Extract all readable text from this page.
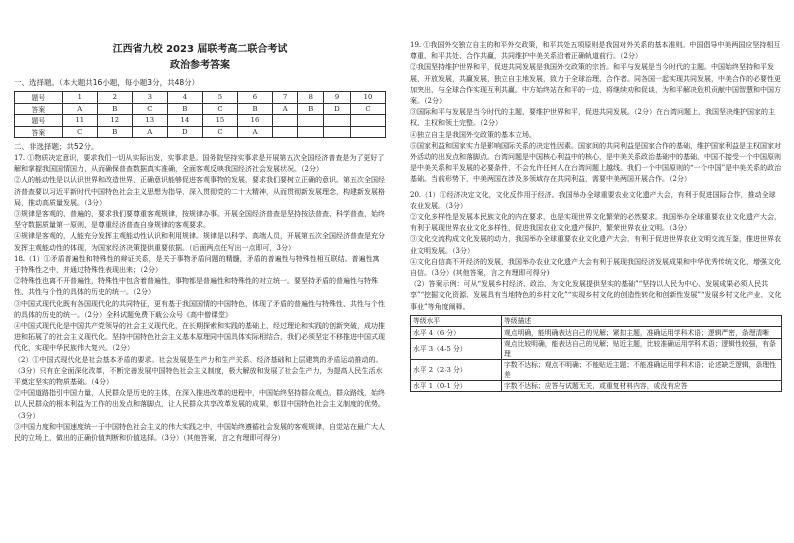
江西省九校 2023 届联考高二联合考试

政治参考答案

一、选择题。（本大题共16小题，每小题3分，共48分）

题号	1	2	3	4	5	6	7	8	9	10
答案	A	B	C	B	C	B	A	B	D	C
题号	11	12	13	14	15	16				
答案	C	B	A	D	C	A				

二、非选择题；共52分。

17. ①物质决定意识，要求我们一切从实际出发，实事求是。国务院坚持实事求是开展第五次全国经济普查是为了更好了解和掌握我国国情国力，从而确保普查数据真实准确，全面客观反映我国经济社会发展状况。（2分）

②人的能动性是以认识世界和改造世界，正确意识能够促进客观事物的发展，要求我们要树立正确的意识。第五次全国经济普查要以习近平新时代中国特色社会主义思想为指导，深入贯彻党的二十大精神，从而贯彻新发展理念，构建新发展格局，推动高质量发展。（3分）

③规律是客观的、普遍的，要求我们要尊重客观规律，按规律办事。开展全国经济普查是坚持按法普查、科学普查，始终坚守数据质量第一原则，是尊重经济普查自身规律的客观要求。

④规律是客观的，人能充分发挥主观能动性认识和利用规律。规律是以科学、高端人员，开展第五次全国经济普查是充分发挥主观能动性的体现，为国家经济决策提供重要依据。（后面两点任写出一点即可，3分）

18.（1）①矛盾普遍性和特殊性的辩证关系，是关于事物矛盾问题的精髓，矛盾的普遍性与特殊性相互联结。普遍性寓于特殊性之中，并通过特殊性表现出来；（2分）

②特殊性也离不开普遍性，特殊性中包含着普遍性，事物都是普遍性和特殊性的对立统一。要坚持矛盾的普遍性与特殊性、共性与个性的具体的历史的统一。（2分）

③中国式现代化既有各国现代化的共同特征，更有基于我国国情的中国特色，体现了矛盾的普遍性与特殊性、共性与个性的具体的历史的统一。（2分）全科试题免费下载公众号《高中僧课堂》

④中国式现代化是中国共产党领导的社会主义现代化，在长期探索和实践的基础上，经过理论和实践的创新突破，成功推进和拓展了的社会主义现代化。坚持中国特色社会主义基本原理同中国具体实际相结合，我们必须坚定不移推进中国式现代化，实现中华民族伟大复兴。（2分）

（2）①中国式现代化是社会基本矛盾的要求。社会发展是生产力和生产关系、经济基础和上层建筑的矛盾运动推动的。（3分）只有在全面深化改革，不断完善发展中国特色社会主义制度，极大解放和发展了社会生产力，为提高人民生活水平奠定坚实的物质基础。（4分）

②中国道路指引中国力量，人民群众是历史的主体，在深入推进改革的进程中，中国始终坚持群众观点、群众路线，始终以人民群众的根本利益为工作的出发点和落脚点，让人民群众共享改革发展的成果，彰显中国特色社会主义制度的优势。（3分）

③中国力度和中国速度统一于中国特色社会主义的伟大实践之中，中国始终遵循社会发展的客观规律，自觉站在最广大人民的立场上，做出的正确价值判断和价值选择。（3分）（其他答案，言之有理即可得分）

19. ①我国外交独立自主的和平外交政策，和平共处五项原则是我国对外关系的基本准则。中国倡导中美两国应坚持相互尊重、和平共处、合作共赢，共同维护中美关系沿着正确轨道前行。（2分）

②我国坚持维护世界和平，促进共同发展是我国外交政策的宗旨。和平与发展是当今时代的主题。中国始终坚持和平发展，开放发展，共赢发展，独立自主地发展，致力于全球治理，合作者。同各国一起实现共同发展，中美合作的必要性更加突出，与全球合作实现互利共赢。中方始终站在和平的一边，将继续劝和促谈，为和平解决危机贡献中国智慧和中国方案。（2分）

③国际和平与发展是当今时代的主题，要维护世界和平，促进共同发展。（2分）在台湾问题上，我国坚决维护国家的主权、主权和领土完整。（2分）

④独立自主是我国外交政策的基本立场。

⑤国家利益和国家实力是影响国际关系的决定性因素。国家间的共同利益是国家合作的基础，维护国家利益是主权国家对外活动的出发点和落脚点。台湾问题是中国核心利益中的核心，是中美关系政治基础中的基础，中国不接受一个中国原则是中美关系和平发展的必要条件，不会允许任何人在台湾问题上越线。我们一个中国原则的“一个中国”是中美关系的政治基础。当前形势下，中美两国在涉及多领域存在共同利益，需要中美两国开展合作。（2分）

20.（1）①经济决定文化，文化反作用于经济。我国举办全球重要农业文化遗产大会，有利于促进国际合作，推动全球农业发展。（3分）

②文化多样性是发展本民族文化的内在要求，也是实现世界文化繁荣的必然要求。我国举办全球重要农业文化遗产大会，有利于展现世界农业文化多样性，促进我国农业文化遗产保护，繁荣世界农业文明。（3分）

③文化交流构成文化发展的动力，我国举办全球重要农业文化遗产大会，有利于促进世界农业文明交流互鉴，推进世界农业文明发展。（3分）

④文化自信高不开经济的发展，我国举办农业文化遗产大会有利于展现我国经济发展成果和中华优秀传统文化，增强文化自信。（3分）(其他答案，言之有理即可得分)

（2）答案示例：可从“发展乡村经济、政治、为文化发展提供坚实的基础”“坚持以人民为中心、发展成果必须人民共享”“挖掘文化资源、发展具有当地特色的乡村文化”“实现乡村文化的创造性转化和创新性发展”“发展乡村文化产业、文化事业”等角度阐释。

等级水平	等级描述
水平 4（6 分）	观点明确，能明确表达自己的见解；紧扣主题，准确运用学科术语；逻辑严密，条理清晰
水平 3（4-5 分）	观点比较明确，能表达自己的见解；贴近主题，比较准确运用学科术语；逻辑性较强，有条理
水平 2（2-3 分）	字数不达标；观点不明确；不能贴近主题；不能准确运用学科术语；论述缺乏逻辑，条理性差
水平 1（0-1 分）	字数不达标；应答与试题无关，或重复材料内容，或没有应答
